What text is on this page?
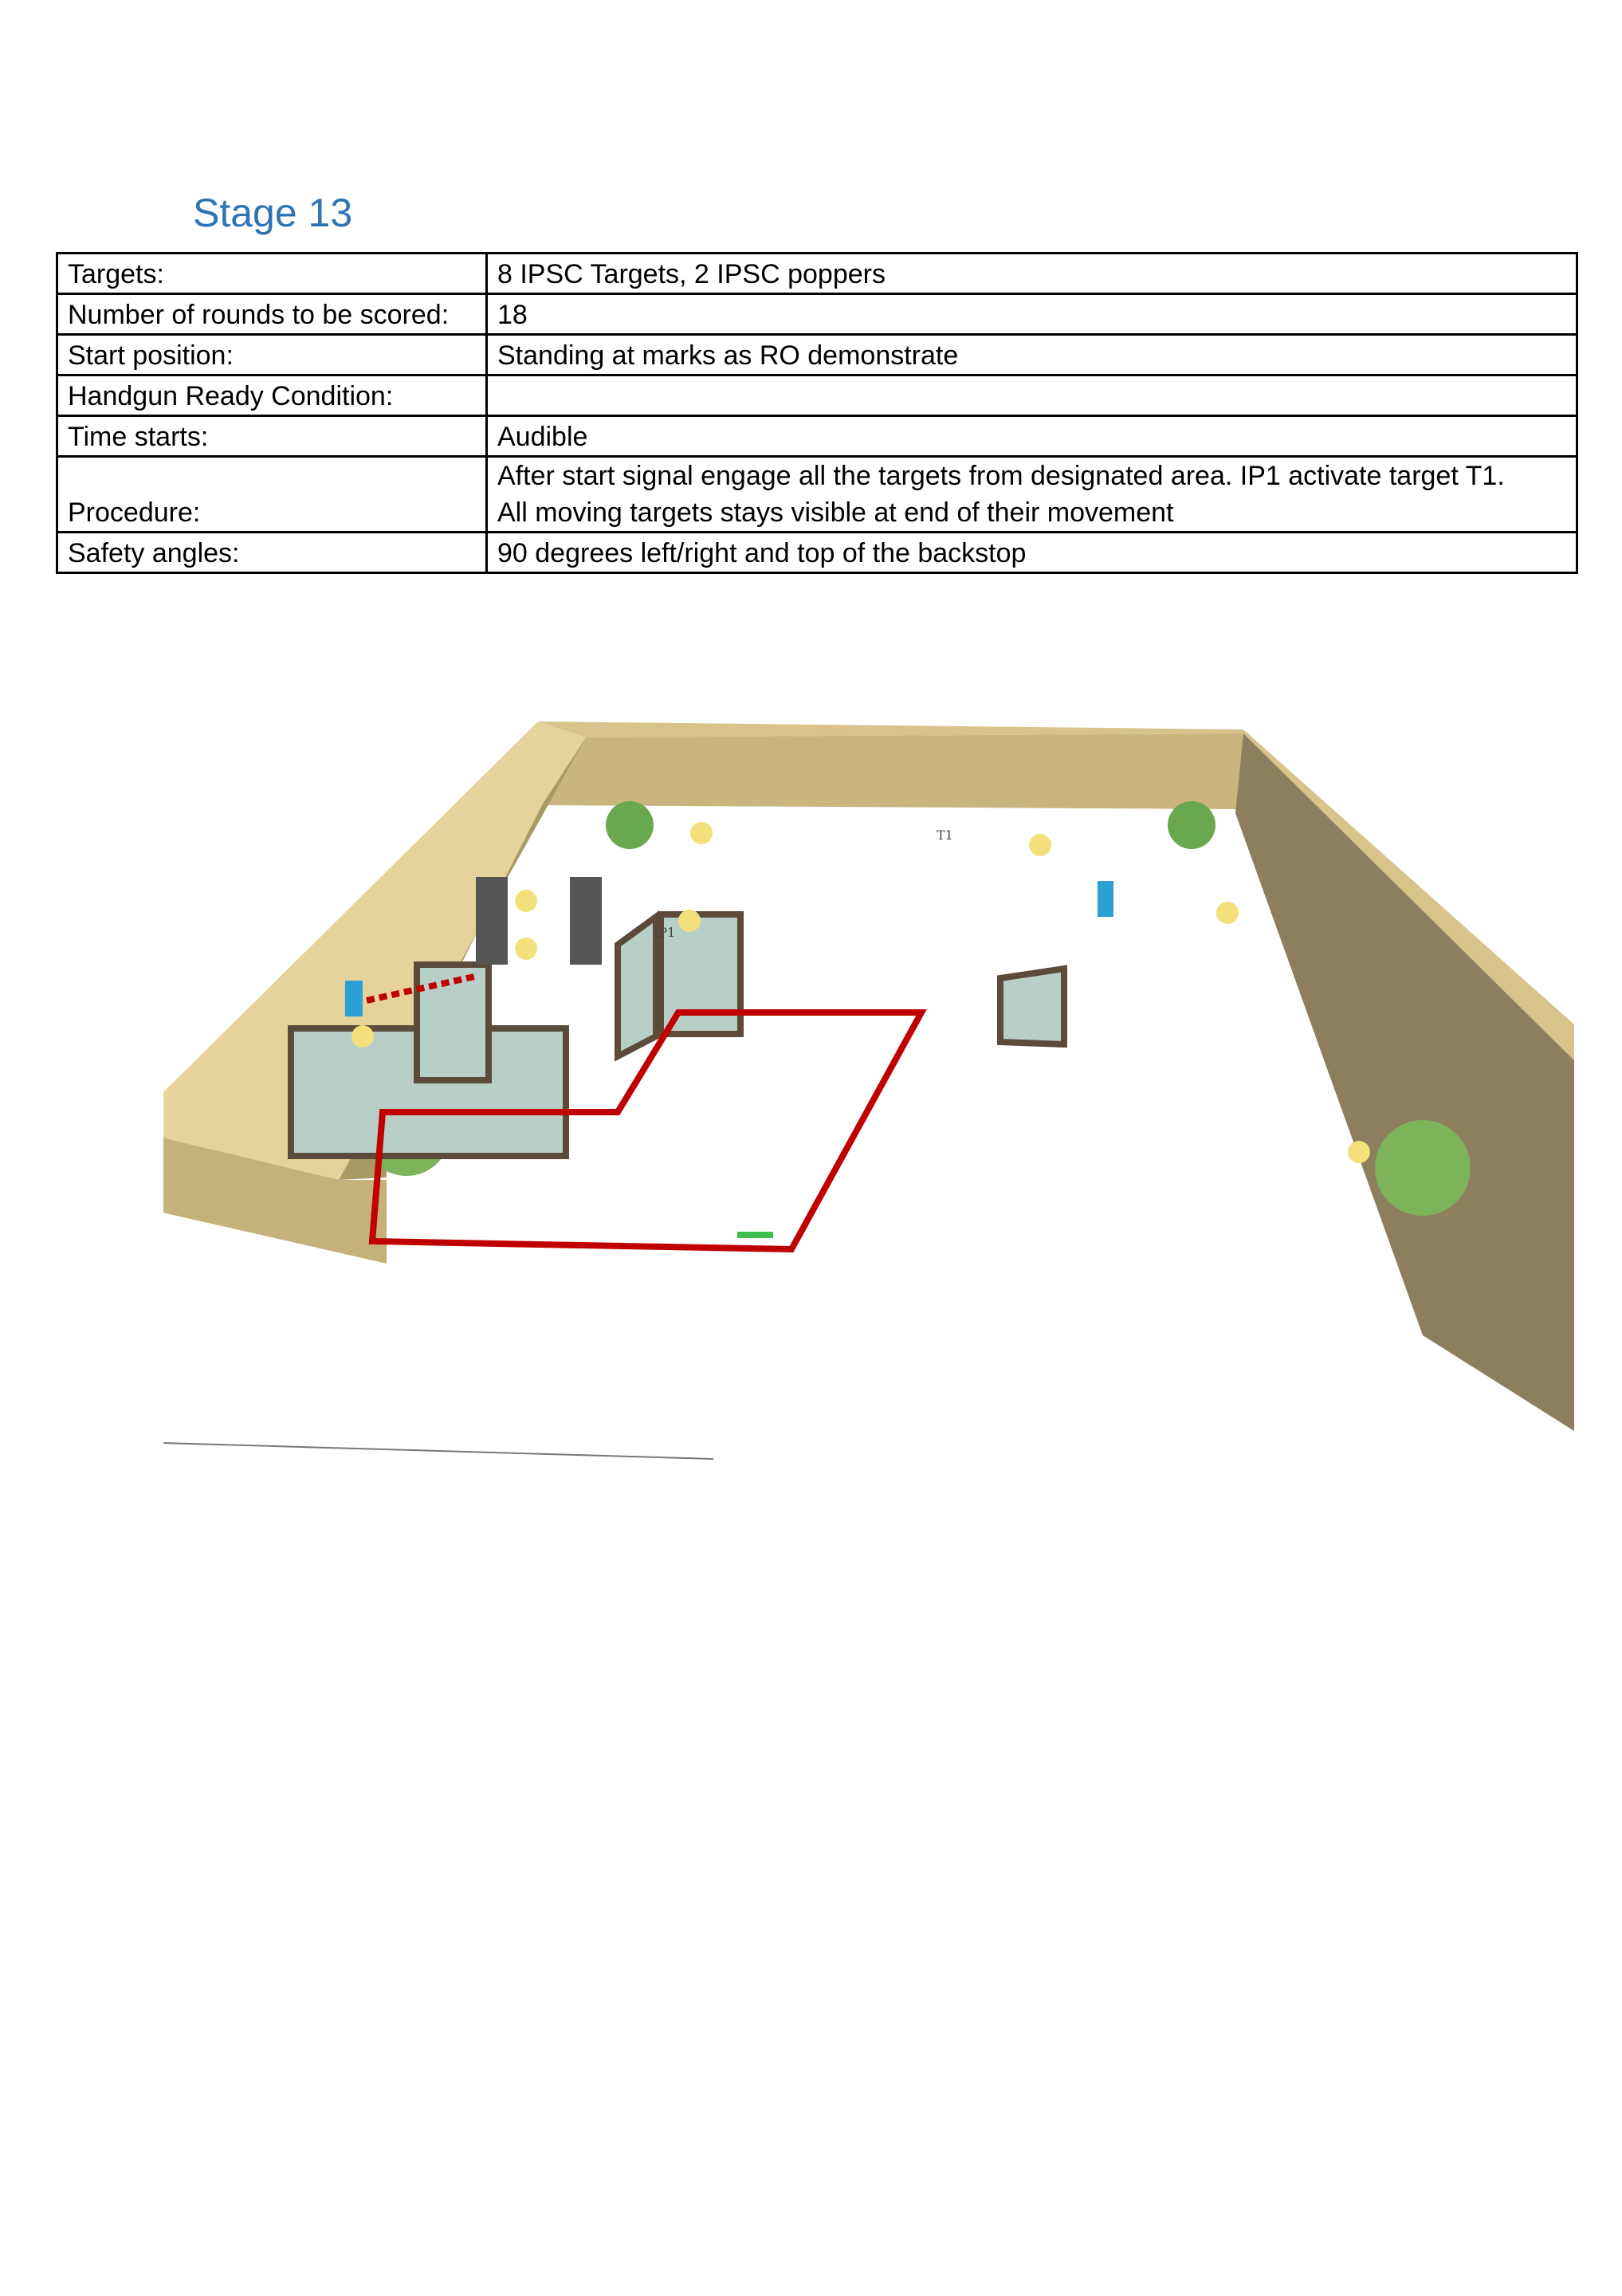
Stage 13
Targets:	8 IPSC Targets, 2 IPSC poppers
Number of rounds to be scored:	18
Start position:	Standing at marks as RO demonstrate
Handgun Ready Condition:	
Time starts:	Audible
Procedure:	After start signal engage all the targets from designated area. IP1 activate target T1.
All moving targets stays visible at end of their movement

Safety angles:	90 degrees left/right and top of the backstop
T1
IP1
